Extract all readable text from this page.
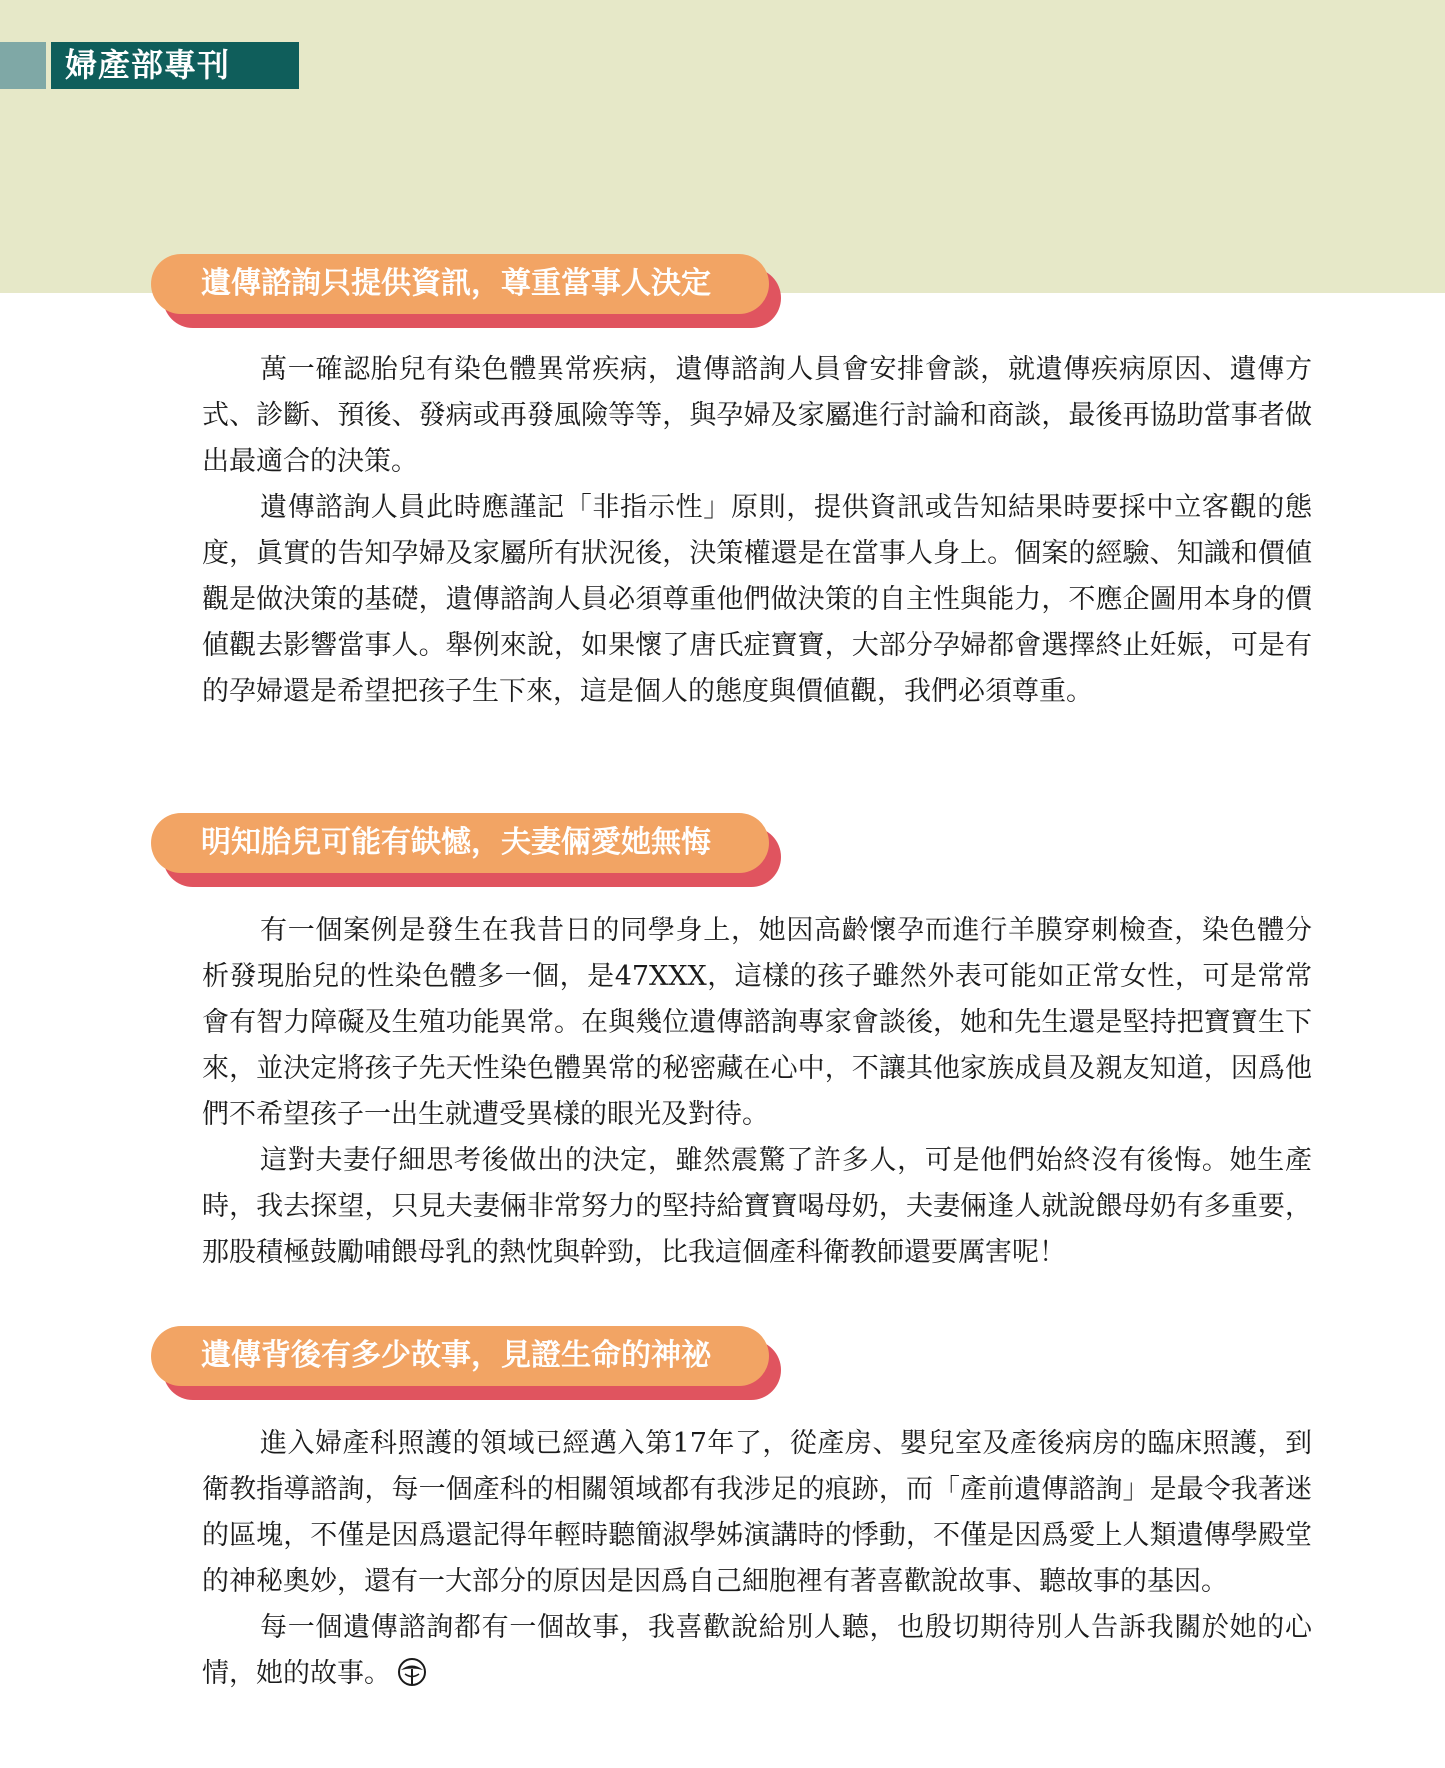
婦產部專刊
遺傳諮詢只提供資訊，尊重當事人決定

萬一確認胎兒有染色體異常疾病，遺傳諮詢人員會安排會談，就遺傳疾病原因、遺傳方式、診斷、預後、發病或再發風險等等，與孕婦及家屬進行討論和商談，最後再協助當事者做出最適合的決策。

遺傳諮詢人員此時應謹記「非指示性」原則，提供資訊或告知結果時要採中立客觀的態度，眞實的告知孕婦及家屬所有狀況後，決策權還是在當事人身上。個案的經驗、知識和價値觀是做決策的基礎，遺傳諮詢人員必須尊重他們做決策的自主性與能力，不應企圖用本身的價値觀去影響當事人。舉例來說，如果懷了唐氏症寶寶，大部分孕婦都會選擇終止妊娠，可是有的孕婦還是希望把孩子生下來，這是個人的態度與價値觀，我們必須尊重。

明知胎兒可能有缺憾，夫妻倆愛她無悔

有一個案例是發生在我昔日的同學身上，她因高齡懷孕而進行羊膜穿刺檢查，染色體分析發現胎兒的性染色體多一個，是47XXX，這樣的孩子雖然外表可能如正常女性，可是常常會有智力障礙及生殖功能異常。在與幾位遺傳諮詢專家會談後，她和先生還是堅持把寶寶生下來，並決定將孩子先天性染色體異常的秘密藏在心中，不讓其他家族成員及親友知道，因爲他們不希望孩子一出生就遭受異樣的眼光及對待。

這對夫妻仔細思考後做出的決定，雖然震驚了許多人，可是他們始終沒有後悔。她生產時，我去探望，只見夫妻倆非常努力的堅持給寶寶喝母奶，夫妻倆逢人就說餵母奶有多重要，那股積極鼓勵哺餵母乳的熱忱與幹勁，比我這個產科衛教師還要厲害呢！

遺傳背後有多少故事，見證生命的神祕

進入婦產科照護的領域已經邁入第17年了，從產房、嬰兒室及產後病房的臨床照護，到衛教指導諮詢，每一個產科的相關領域都有我涉足的痕跡，而「產前遺傳諮詢」是最令我著迷的區塊，不僅是因爲還記得年輕時聽簡淑學姊演講時的悸動，不僅是因爲愛上人類遺傳學殿堂的神秘奧妙，還有一大部分的原因是因爲自己細胞裡有著喜歡說故事、聽故事的基因。

每一個遺傳諮詢都有一個故事，我喜歡說給別人聽，也殷切期待別人告訴我關於她的心情，她的故事。
